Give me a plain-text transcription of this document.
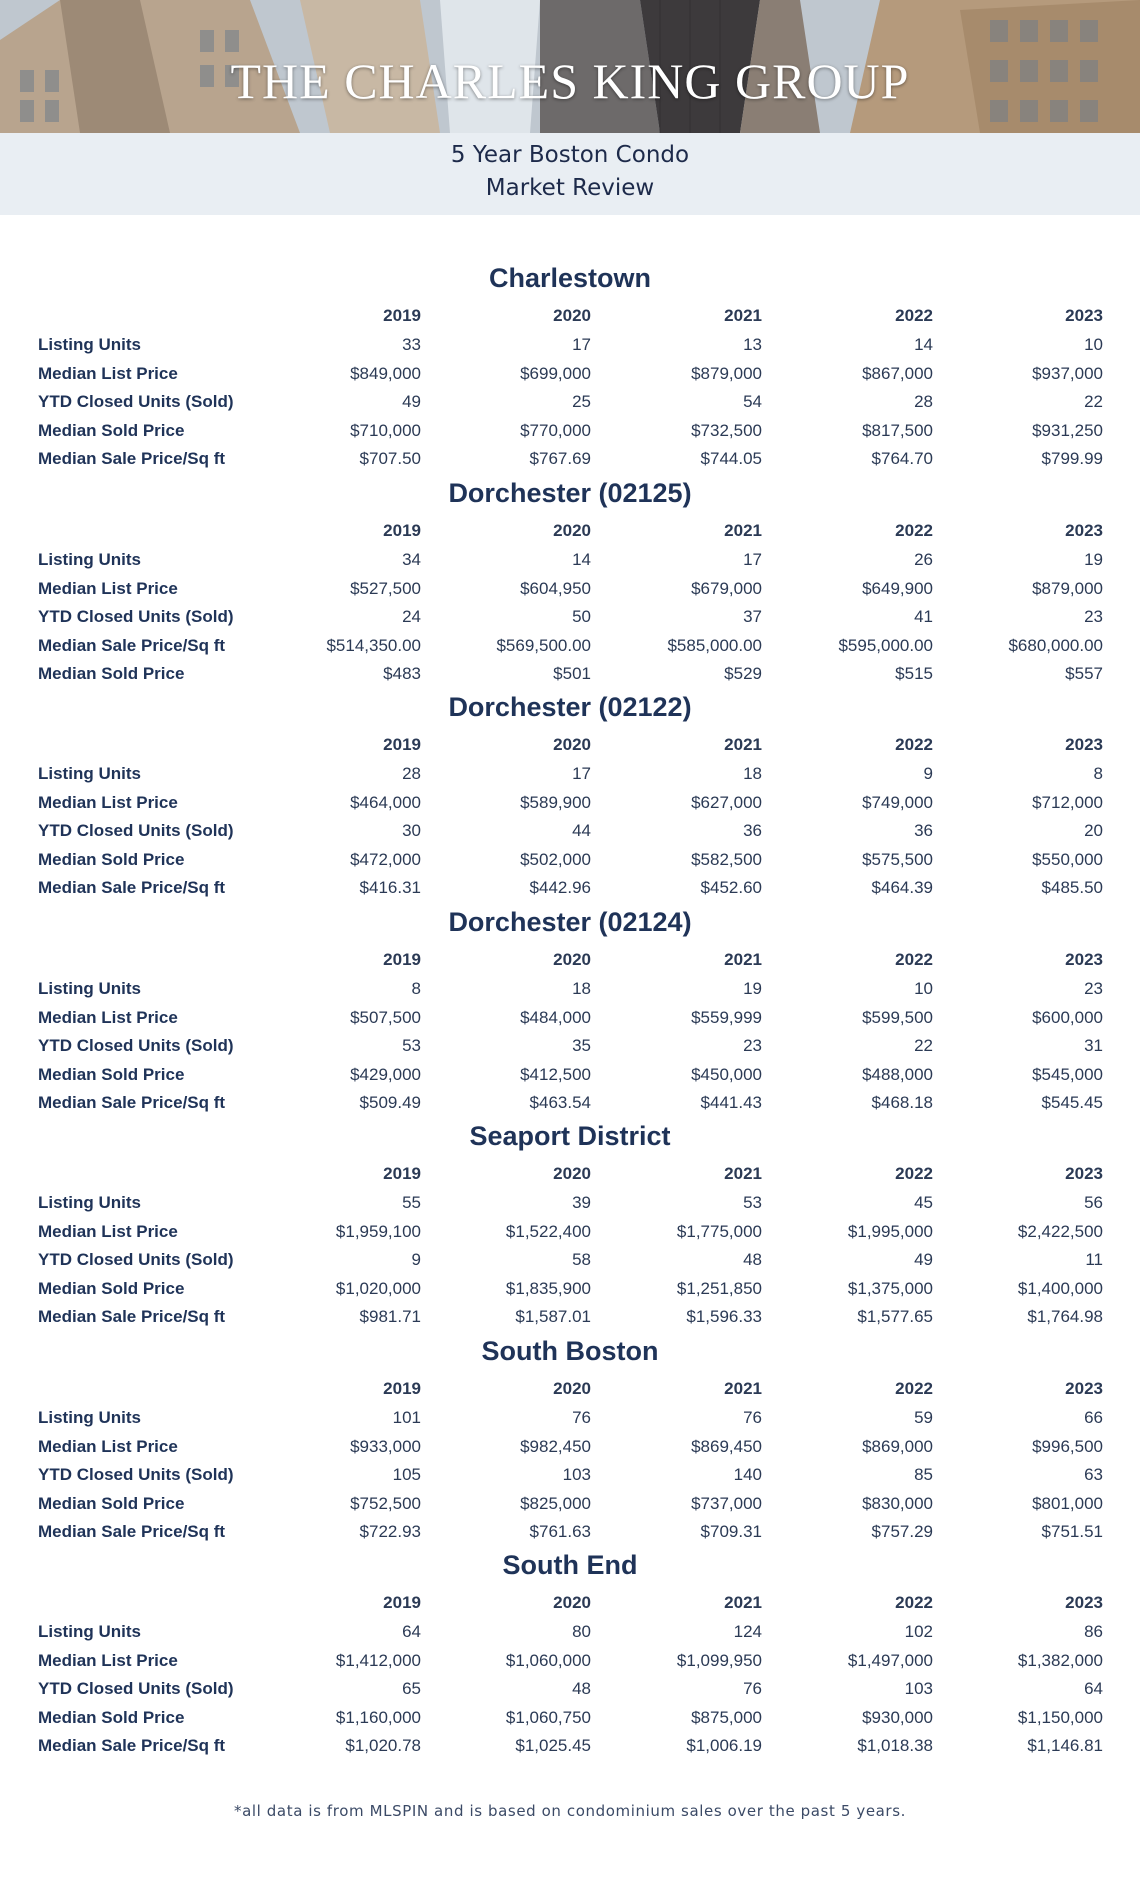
THE CHARLES KING GROUP
5 Year Boston Condo
Market Review
Charlestown
2019	2020	2021	2022	2023
Listing Units	33	17	13	14	10
Median List Price	$849,000	$699,000	$879,000	$867,000	$937,000
YTD Closed Units (Sold)	49	25	54	28	22
Median Sold Price	$710,000	$770,000	$732,500	$817,500	$931,250
Median Sale Price/Sq ft	$707.50	$767.69	$744.05	$764.70	$799.99
Dorchester (02125)
2019	2020	2021	2022	2023
Listing Units	34	14	17	26	19
Median List Price	$527,500	$604,950	$679,000	$649,900	$879,000
YTD Closed Units (Sold)	24	50	37	41	23
Median Sale Price/Sq ft	$514,350.00	$569,500.00	$585,000.00	$595,000.00	$680,000.00
Median Sold Price	$483	$501	$529	$515	$557
Dorchester (02122)
2019	2020	2021	2022	2023
Listing Units	28	17	18	9	8
Median List Price	$464,000	$589,900	$627,000	$749,000	$712,000
YTD Closed Units (Sold)	30	44	36	36	20
Median Sold Price	$472,000	$502,000	$582,500	$575,500	$550,000
Median Sale Price/Sq ft	$416.31	$442.96	$452.60	$464.39	$485.50
Dorchester (02124)
2019	2020	2021	2022	2023
Listing Units	8	18	19	10	23
Median List Price	$507,500	$484,000	$559,999	$599,500	$600,000
YTD Closed Units (Sold)	53	35	23	22	31
Median Sold Price	$429,000	$412,500	$450,000	$488,000	$545,000
Median Sale Price/Sq ft	$509.49	$463.54	$441.43	$468.18	$545.45
Seaport District
2019	2020	2021	2022	2023
Listing Units	55	39	53	45	56
Median List Price	$1,959,100	$1,522,400	$1,775,000	$1,995,000	$2,422,500
YTD Closed Units (Sold)	9	58	48	49	11
Median Sold Price	$1,020,000	$1,835,900	$1,251,850	$1,375,000	$1,400,000
Median Sale Price/Sq ft	$981.71	$1,587.01	$1,596.33	$1,577.65	$1,764.98
South Boston
2019	2020	2021	2022	2023
Listing Units	101	76	76	59	66
Median List Price	$933,000	$982,450	$869,450	$869,000	$996,500
YTD Closed Units (Sold)	105	103	140	85	63
Median Sold Price	$752,500	$825,000	$737,000	$830,000	$801,000
Median Sale Price/Sq ft	$722.93	$761.63	$709.31	$757.29	$751.51
South End
2019	2020	2021	2022	2023
Listing Units	64	80	124	102	86
Median List Price	$1,412,000	$1,060,000	$1,099,950	$1,497,000	$1,382,000
YTD Closed Units (Sold)	65	48	76	103	64
Median Sold Price	$1,160,000	$1,060,750	$875,000	$930,000	$1,150,000
Median Sale Price/Sq ft	$1,020.78	$1,025.45	$1,006.19	$1,018.38	$1,146.81
*all data is from MLSPIN and is based on condominium sales over the past 5 years.
